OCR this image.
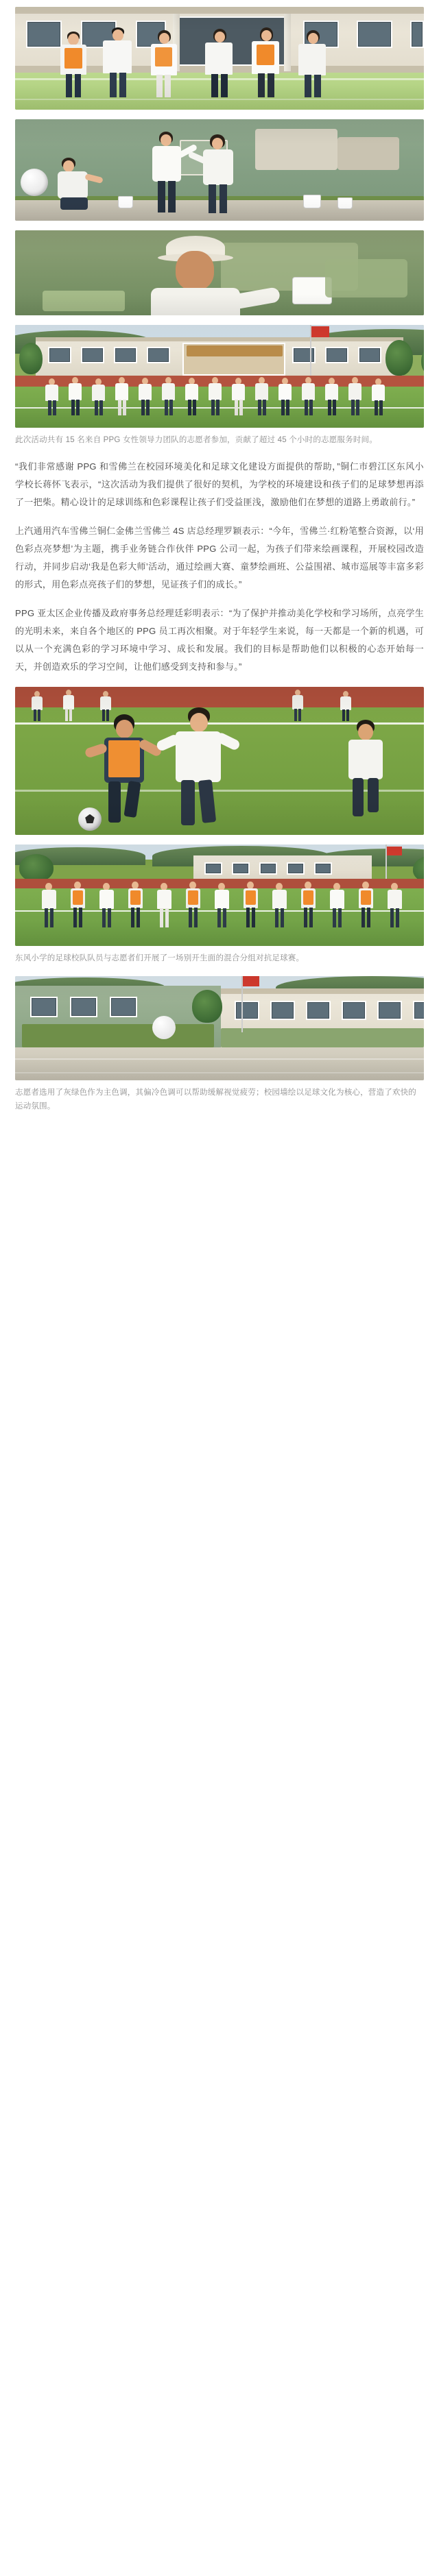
此次活动共有 15 名来自 PPG 女性领导力团队的志愿者参加，贡献了超过 45 个小时的志愿服务时间。

“我们非常感谢 PPG 和雪佛兰在校园环境美化和足球文化建设方面提供的帮助，”铜仁市碧江区东风小学校长蒋怀飞表示，“这次活动为我们提供了很好的契机，为学校的环境建设和孩子们的足球梦想再添了一把柴。精心设计的足球训练和色彩课程让孩子们受益匪浅，激励他们在梦想的道路上勇敢前行。”

上汽通用汽车雪佛兰铜仁金佛兰雪佛兰 4S 店总经理罗颖表示：“今年，雪佛兰·红粉笔整合资源，以‘用色彩点亮梦想’为主题，携手业务链合作伙伴 PPG 公司一起，为孩子们带来绘画课程，开展校园改造行动，并同步启动‘我是色彩大师’活动，通过绘画大赛、童梦绘画班、公益围裙、城市巡展等丰富多彩的形式，用色彩点亮孩子们的梦想，见证孩子们的成长。”

PPG 亚太区企业传播及政府事务总经理廷彩明表示：“为了保护并推动美化学校和学习场所，点亮学生的光明未来，来自各个地区的 PPG 员工再次相聚。对于年轻学生来说，每一天都是一个新的机遇，可以从一个充满色彩的学习环境中学习、成长和发展。我们的目标是帮助他们以积极的心态开始每一天，并创造欢乐的学习空间，让他们感受到支持和参与。”

东风小学的足球校队队员与志愿者们开展了一场别开生面的混合分组对抗足球赛。
志愿者选用了灰绿色作为主色调，其偏冷色调可以帮助缓解视觉疲劳；校园墙绘以足球文化为核心，营造了欢快的运动氛围。
